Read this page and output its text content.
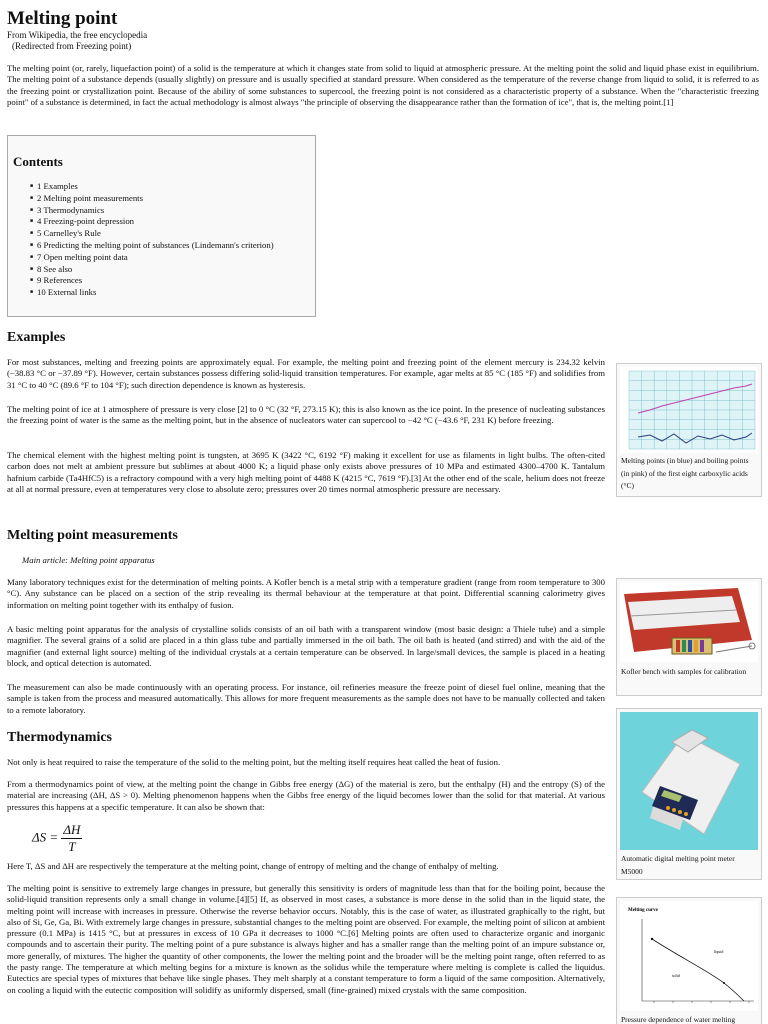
Melting point
From Wikipedia, the free encyclopedia
(Redirected from Freezing point)
The melting point (or, rarely, liquefaction point) of a solid is the temperature at which it changes state from solid to liquid at atmospheric pressure. At the melting point the solid and liquid phase exist in equilibrium. The melting point of a substance depends (usually slightly) on pressure and is usually specified at standard pressure. When considered as the temperature of the reverse change from liquid to solid, it is referred to as the freezing point or crystallization point. Because of the ability of some substances to supercool, the freezing point is not considered as a characteristic property of a substance. When the "characteristic freezing point" of a substance is determined, in fact the actual methodology is almost always "the principle of observing the disappearance rather than the formation of ice", that is, the melting point.[1]
Contents
■ 1 Examples
■ 2 Melting point measurements
■ 3 Thermodynamics
■ 4 Freezing-point depression
■ 5 Carnelley's Rule
■ 6 Predicting the melting point of substances (Lindemann's criterion)
■ 7 Open melting point data
■ 8 See also
■ 9 References
■ 10 External links
Examples
For most substances, melting and freezing points are approximately equal. For example, the melting point and freezing point of the element mercury is 234.32 kelvin (−38.83 °C or −37.89 °F). However, certain substances possess differing solid-liquid transition temperatures. For example, agar melts at 85 °C (185 °F) and solidifies from 31 °C to 40 °C (89.6 °F to 104 °F); such direction dependence is known as hysteresis.
The melting point of ice at 1 atmosphere of pressure is very close [2] to 0 °C (32 °F, 273.15 K); this is also known as the ice point. In the presence of nucleating substances the freezing point of water is the same as the melting point, but in the absence of nucleators water can supercool to −42 °C (−43.6 °F, 231 K) before freezing.
The chemical element with the highest melting point is tungsten, at 3695 K (3422 °C, 6192 °F) making it excellent for use as filaments in light bulbs. The often-cited carbon does not melt at ambient pressure but sublimes at about 4000 K; a liquid phase only exists above pressures of 10 MPa and estimated 4300–4700 K. Tantalum hafnium carbide (Ta4HfC5) is a refractory compound with a very high melting point of 4488 K (4215 °C, 7619 °F).[3] At the other end of the scale, helium does not freeze at all at normal pressure, even at temperatures very close to absolute zero; pressures over 20 times normal atmospheric pressure are necessary.
Melting points (in blue) and boiling points (in pink) of the first eight carboxylic acids (°C)
Melting point measurements
Main article: Melting point apparatus
Many laboratory techniques exist for the determination of melting points. A Kofler bench is a metal strip with a temperature gradient (range from room temperature to 300 °C). Any substance can be placed on a section of the strip revealing its thermal behaviour at the temperature at that point. Differential scanning calorimetry gives information on melting point together with its enthalpy of fusion.
A basic melting point apparatus for the analysis of crystalline solids consists of an oil bath with a transparent window (most basic design: a Thiele tube) and a simple magnifier. The several grains of a solid are placed in a thin glass tube and partially immersed in the oil bath. The oil bath is heated (and stirred) and with the aid of the magnifier (and external light source) melting of the individual crystals at a certain temperature can be observed. In large/small devices, the sample is placed in a heating block, and optical detection is automated.
The measurement can also be made continuously with an operating process. For instance, oil refineries measure the freeze point of diesel fuel online, meaning that the sample is taken from the process and measured automatically. This allows for more frequent measurements as the sample does not have to be manually collected and taken to a remote laboratory.
Kofler bench with samples for calibration
Automatic digital melting point meter M5000
Thermodynamics
Not only is heat required to raise the temperature of the solid to the melting point, but the melting itself requires heat called the heat of fusion.
From a thermodynamics point of view, at the melting point the change in Gibbs free energy (ΔG) of the material is zero, but the enthalpy (H) and the entropy (S) of the material are increasing (ΔH, ΔS > 0). Melting phenomenon happens when the Gibbs free energy of the liquid becomes lower than the solid for that material. At various pressures this happens at a specific temperature. It can also be shown that:
$\Delta S = \frac{\Delta H}{T}$
Here T, ΔS and ΔH are respectively the temperature at the melting point, change of entropy of melting and the change of enthalpy of melting.
The melting point is sensitive to extremely large changes in pressure, but generally this sensitivity is orders of magnitude less than that for the boiling point, because the solid-liquid transition represents only a small change in volume.[4][5] If, as observed in most cases, a substance is more dense in the solid than in the liquid state, the melting point will increase with increases in pressure. Otherwise the reverse behavior occurs. Notably, this is the case of water, as illustrated graphically to the right, but also of Si, Ge, Ga, Bi. With extremely large changes in pressure, substantial changes to the melting point are observed. For example, the melting point of silicon at ambient pressure (0.1 MPa) is 1415 °C, but at pressures in excess of 10 GPa it decreases to 1000 °C.[6] Melting points are often used to characterize organic and inorganic compounds and to ascertain their purity. The melting point of a pure substance is always higher and has a smaller range than the melting point of an impure substance or, more generally, of mixtures. The higher the quantity of other components, the lower the melting point and the broader will be the melting point range, often referred to as the pasty range. The temperature at which melting begins for a mixture is known as the solidus while the temperature where melting is complete is called the liquidus. Eutectics are special types of mixtures that behave like single phases. They melt sharply at a constant temperature to form a liquid of the same composition. Alternatively, on cooling a liquid with the eutectic composition will solidify as uniformly dispersed, small (fine-grained) mixed crystals with the same composition.
Melting curve
liquid
solid
Pressure dependence of water melting
